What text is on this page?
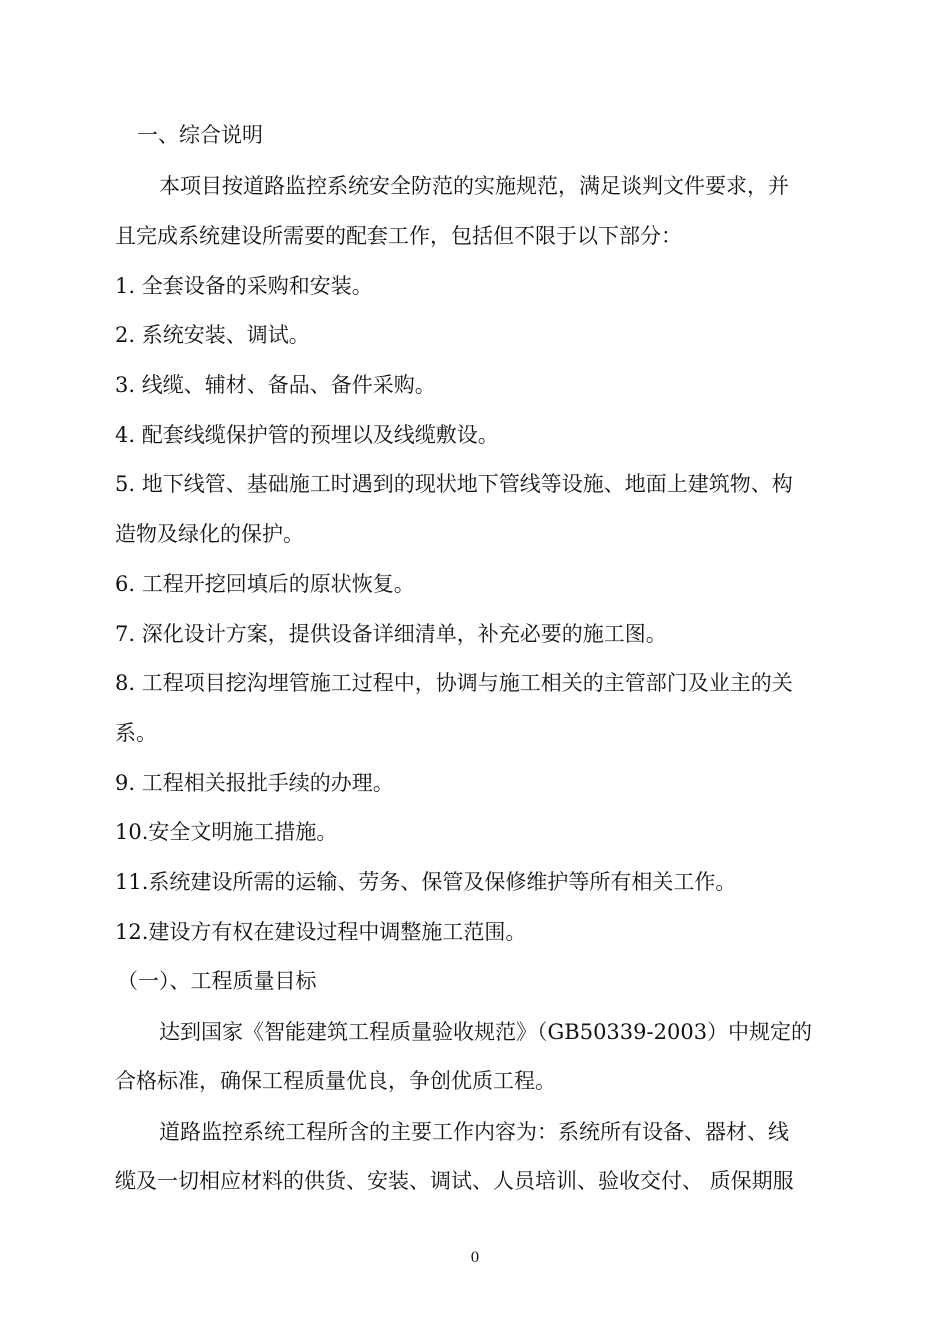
一、综合说明
本项目按道路监控系统安全防范的实施规范，满足谈判文件要求，并
且完成系统建设所需要的配套工作，包括但不限于以下部分：
1. 全套设备的采购和安装。
2. 系统安装、调试。
3. 线缆、辅材、备品、备件采购。
4. 配套线缆保护管的预埋以及线缆敷设。
5. 地下线管、基础施工时遇到的现状地下管线等设施、地面上建筑物、构
造物及绿化的保护。
6. 工程开挖回填后的原状恢复。
7. 深化设计方案，提供设备详细清单，补充必要的施工图。
8. 工程项目挖沟埋管施工过程中，协调与施工相关的主管部门及业主的关
系。
9. 工程相关报批手续的办理。
10.安全文明施工措施。
11.系统建设所需的运输、劳务、保管及保修维护等所有相关工作。
12.建设方有权在建设过程中调整施工范围。
（一）、工程质量目标
达到国家《智能建筑工程质量验收规范》（GB50339-2003）中规定的
合格标准，确保工程质量优良，争创优质工程。
道路监控系统工程所含的主要工作内容为：系统所有设备、器材、线
缆及一切相应材料的供货、安装、调试、人员培训、验收交付、 质保期服
0
